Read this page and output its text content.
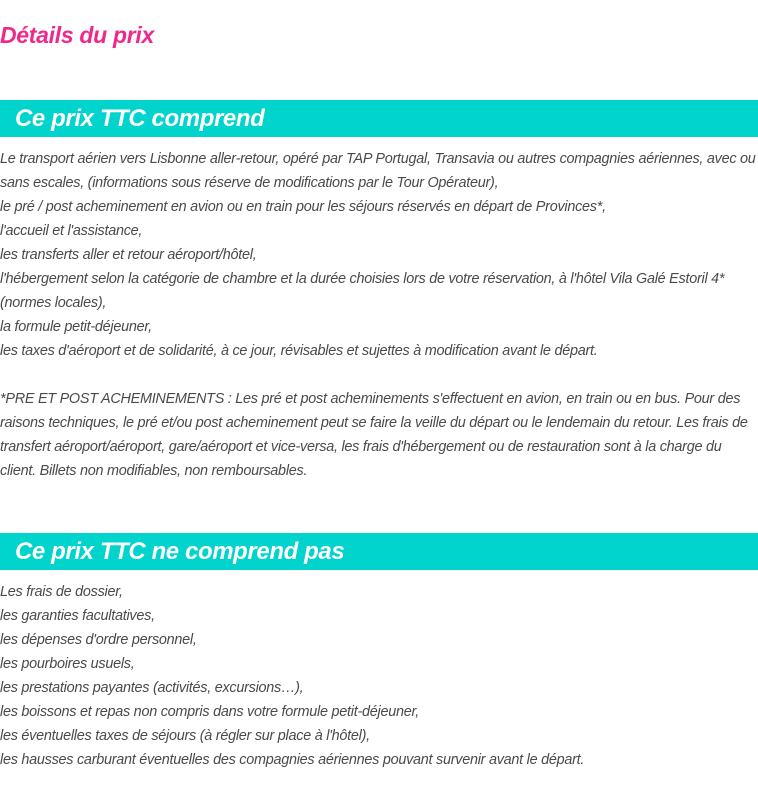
Détails du prix
Ce prix TTC comprend

Le transport aérien vers Lisbonne aller-retour, opéré par TAP Portugal, Transavia ou autres compagnies aériennes, avec ou sans escales, (informations sous réserve de modifications par le Tour Opérateur),

le pré / post acheminement en avion ou en train pour les séjours réservés en départ de Provinces*,

l'accueil et l'assistance,

les transferts aller et retour aéroport/hôtel,

l'hébergement selon la catégorie de chambre et la durée choisies lors de votre réservation, à l'hôtel Vila Galé Estoril 4* (normes locales),

la formule petit-déjeuner,

les taxes d'aéroport et de solidarité, à ce jour, révisables et sujettes à modification avant le départ.

*PRE ET POST ACHEMINEMENTS : Les pré et post acheminements s'effectuent en avion, en train ou en bus. Pour des raisons techniques, le pré et/ou post acheminement peut se faire la veille du départ ou le lendemain du retour. Les frais de transfert aéroport/aéroport, gare/aéroport et vice-versa, les frais d'hébergement ou de restauration sont à la charge du client. Billets non modifiables, non remboursables.

Ce prix TTC ne comprend pas

Les frais de dossier,

les garanties facultatives,

les dépenses d'ordre personnel,

les pourboires usuels,

les prestations payantes (activités, excursions…),

les boissons et repas non compris dans votre formule petit-déjeuner,

les éventuelles taxes de séjours (à régler sur place à l'hôtel),

les hausses carburant éventuelles des compagnies aériennes pouvant survenir avant le départ.
